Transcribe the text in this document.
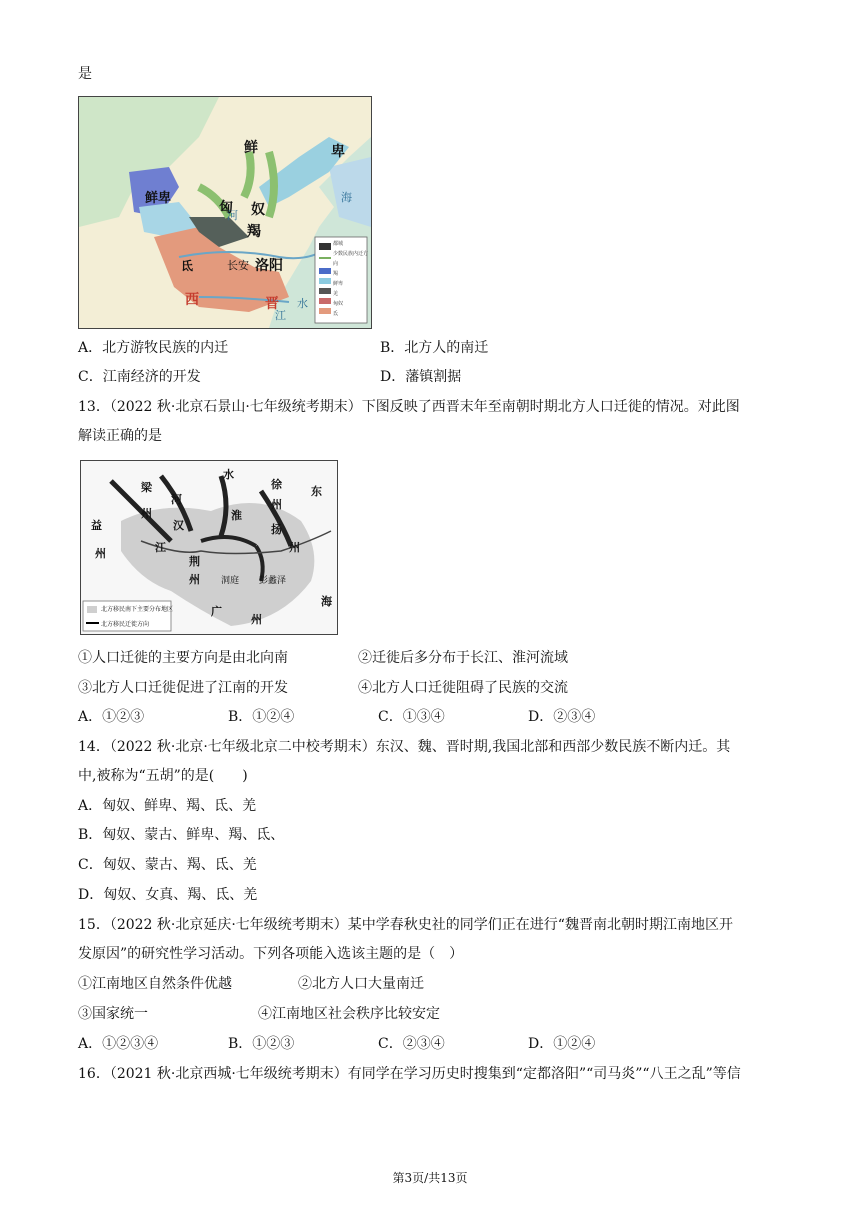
是
鲜	卑
鲜卑
匈 奴
羯
氐	长安 洛阳
西	晋
河
水
江
海
都城
少数民族内迁方向
羯
鲜卑
羌
匈奴
氐
A．北方游牧民族的内迁	B．北方人的南迁
C．江南经济的开发	D．藩镇割据
13．（2022 秋·北京石景山·七年级统考期末）下图反映了西晋末年至南朝时期北方人口迁徙的情况。对此图
解读正确的是
梁
州
河
汉
水
徐
州
东
淮
扬
州
益
州	江
荆
州 洞庭 彭蠡泽
广
州
海
北方移民南下主要分布地区
北方移民迁徙方向
①人口迁徙的主要方向是由北向南	②迁徙后多分布于长江、淮河流域
③北方人口迁徙促进了江南的开发	④北方人口迁徙阻碍了民族的交流
A．①②③	B．①②④	C．①③④	D．②③④
14．（2022 秋·北京·七年级北京二中校考期末）东汉、魏、晋时期,我国北部和西部少数民族不断内迁。其
中,被称为“五胡”的是(　　)
A．匈奴、鲜卑、羯、氐、羌
B．匈奴、蒙古、鲜卑、羯、氐、
C．匈奴、蒙古、羯、氐、羌
D．匈奴、女真、羯、氐、羌
15．（2022 秋·北京延庆·七年级统考期末）某中学春秋史社的同学们正在进行“魏晋南北朝时期江南地区开
发原因”的研究性学习活动。下列各项能入选该主题的是（　）
①江南地区自然条件优越	②北方人口大量南迁
③国家统一	④江南地区社会秩序比较安定
A．①②③④	B．①②③	C．②③④	D．①②④
16．（2021 秋·北京西城·七年级统考期末）有同学在学习历史时搜集到“定都洛阳”“司马炎”“八王之乱”等信
第3页/共13页
